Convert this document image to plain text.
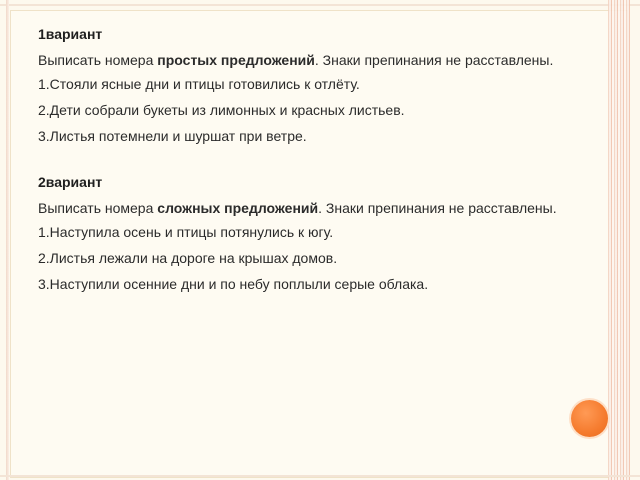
1вариант
Выписать номера простых предложений. Знаки препинания не расставлены.
1.Стояли ясные дни и птицы готовились к отлёту.
2.Дети собрали букеты из лимонных и красных листьев.
3.Листья потемнели и шуршат при ветре.
2вариант
Выписать номера сложных предложений. Знаки препинания не расставлены.
1.Наступила осень и птицы потянулись к югу.
2.Листья лежали на дороге на крышах домов.
3.Наступили осенние дни и по небу поплыли серые облака.
